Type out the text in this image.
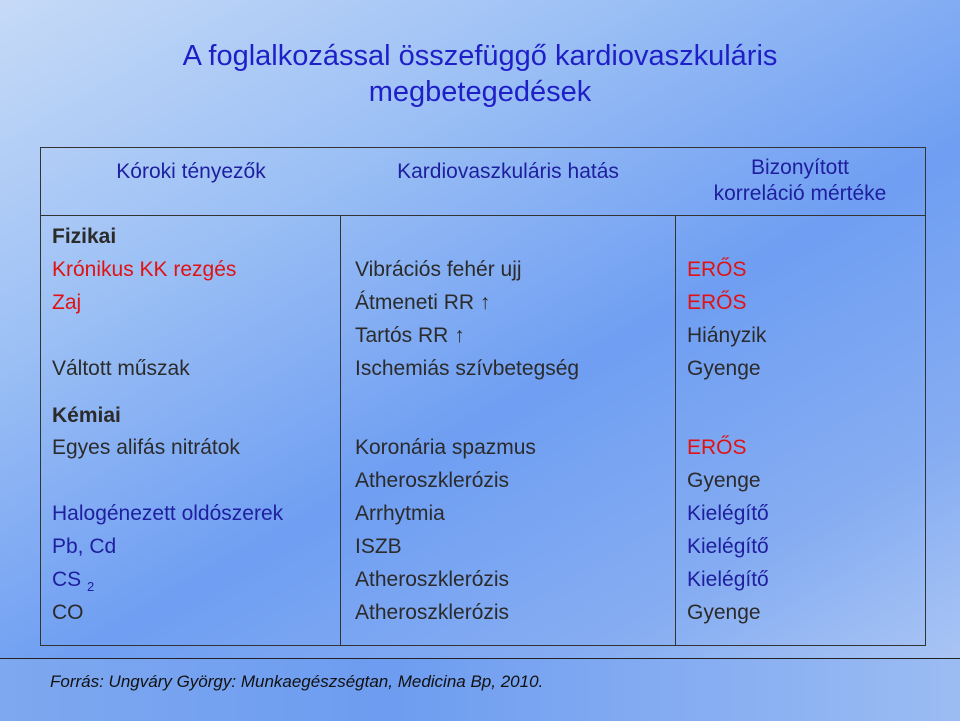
A foglalkozással összefüggő kardiovaszkuláris
megbetegedések
Kóroki tényezők	Kardiovaszkuláris hatás	Bizonyított
korreláció mértéke
Fizikai
Krónikus KK rezgés
Zaj
Váltott műszak
Vibrációs fehér ujj
Átmeneti RR ↑
Tartós RR ↑
Ischemiás szívbetegség
ERŐS
ERŐS
Hiányzik
Gyenge
Kémiai
Egyes alifás nitrátok
Halogénezett oldószerek
Pb, Cd
CS $_2$
CO
Koronária spazmus
Atheroszklerózis
Arrhytmia
ISZB
Atheroszklerózis
Atheroszklerózis
ERŐS
Gyenge
Kielégítő
Kielégítő
Kielégítő
Gyenge
Forrás: Ungváry György: Munkaegészségtan, Medicina Bp, 2010.
